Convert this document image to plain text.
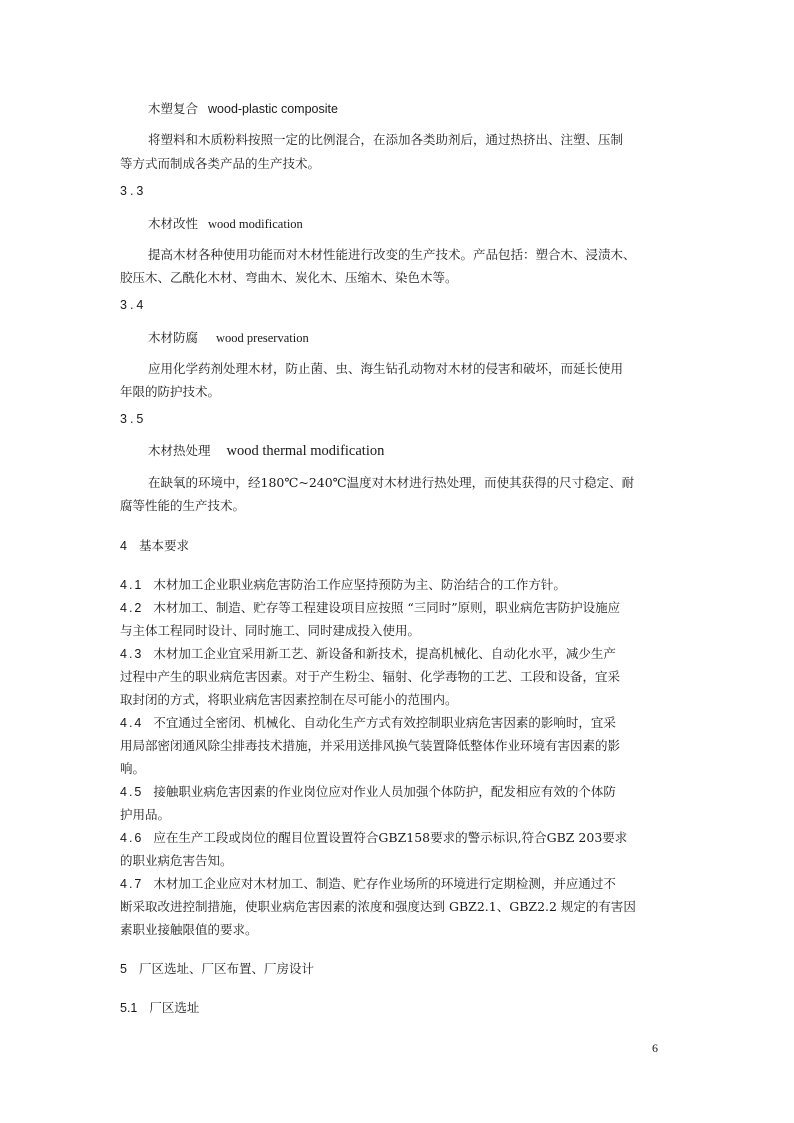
木塑复合 wood-plastic composite
将塑料和木质粉料按照一定的比例混合，在添加各类助剂后，通过热挤出、注塑、压制
等方式而制成各类产品的生产技术。
3.3
木材改性 wood modification
提高木材各种使用功能而对木材性能进行改变的生产技术。产品包括：塑合木、浸渍木、
胶压木、乙酰化木材、弯曲木、炭化木、压缩木、染色木等。
3.4
木材防腐 wood preservation
应用化学药剂处理木材，防止菌、虫、海生钻孔动物对木材的侵害和破坏，而延长使用
年限的防护技术。
3.5
木材热处理 wood thermal modification
在缺氧的环境中，经180℃~240℃温度对木材进行热处理，而使其获得的尺寸稳定、耐
腐等性能的生产技术。
4 基本要求
4.1 木材加工企业职业病危害防治工作应坚持预防为主、防治结合的工作方针。
4.2 木材加工、制造、贮存等工程建设项目应按照 “三同时”原则，职业病危害防护设施应
与主体工程同时设计、同时施工、同时建成投入使用。
4.3 木材加工企业宜采用新工艺、新设备和新技术，提高机械化、自动化水平，减少生产
过程中产生的职业病危害因素。对于产生粉尘、辐射、化学毒物的工艺、工段和设备，宜采
取封闭的方式，将职业病危害因素控制在尽可能小的范围内。
4.4 不宜通过全密闭、机械化、自动化生产方式有效控制职业病危害因素的影响时，宜采
用局部密闭通风除尘排毒技术措施，并采用送排风换气装置降低整体作业环境有害因素的影
响。
4.5 接触职业病危害因素的作业岗位应对作业人员加强个体防护，配发相应有效的个体防
护用品。
4.6 应在生产工段或岗位的醒目位置设置符合GBZ158要求的警示标识,符合GBZ 203要求
的职业病危害告知。
4.7 木材加工企业应对木材加工、制造、贮存作业场所的环境进行定期检测，并应通过不
断采取改进控制措施，使职业病危害因素的浓度和强度达到 GBZ2.1、GBZ2.2 规定的有害因
素职业接触限值的要求。
5 厂区选址、厂区布置、厂房设计
5.1 厂区选址
6
